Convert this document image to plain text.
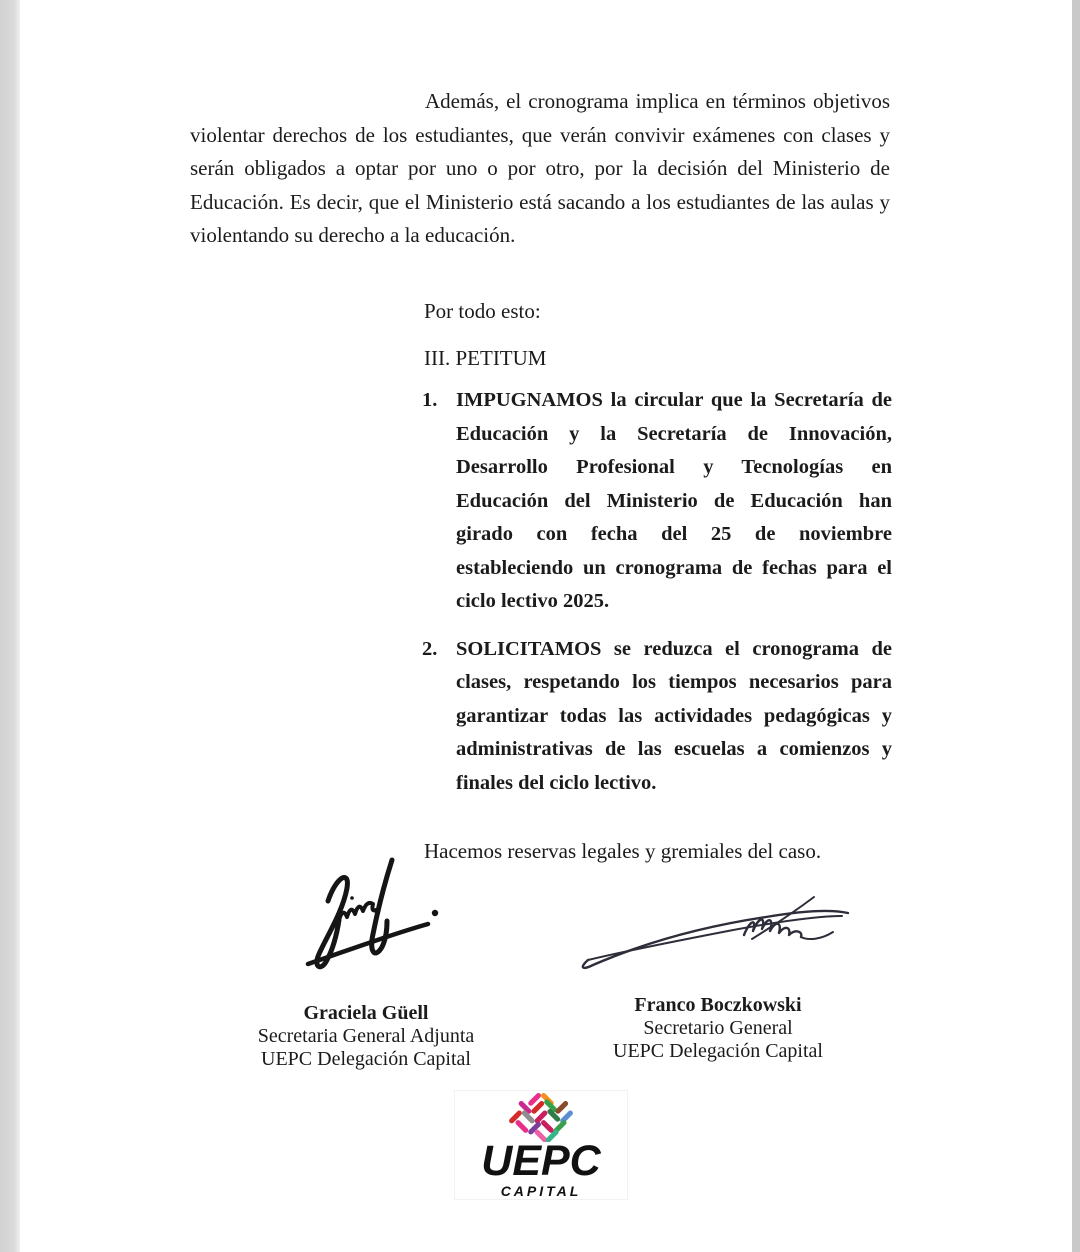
Además, el cronograma implica en términos objetivos violentar derechos de los estudiantes, que verán convivir exámenes con clases y serán obligados a optar por uno o por otro, por la decisión del Ministerio de Educación. Es decir, que el Ministerio está sacando a los estudiantes de las aulas y violentando su derecho a la educación.

Por todo esto:

III. PETITUM
1. IMPUGNAMOS la circular que la Secretaría de Educación y la Secretaría de Innovación, Desarrollo Profesional y Tecnologías en Educación del Ministerio de Educación han girado con fecha del 25 de noviembre estableciendo un cronograma de fechas para el ciclo lectivo 2025.
2. SOLICITAMOS se reduzca el cronograma de clases, respetando los tiempos necesarios para garantizar todas las actividades pedagógicas y administrativas de las escuelas a comienzos y finales del ciclo lectivo.

Hacemos reservas legales y gremiales del caso.

Graciela Güell
Secretaria General Adjunta
UEPC Delegación Capital
Franco Boczkowski
Secretario General
UEPC Delegación Capital
UEPC
CAPITAL
